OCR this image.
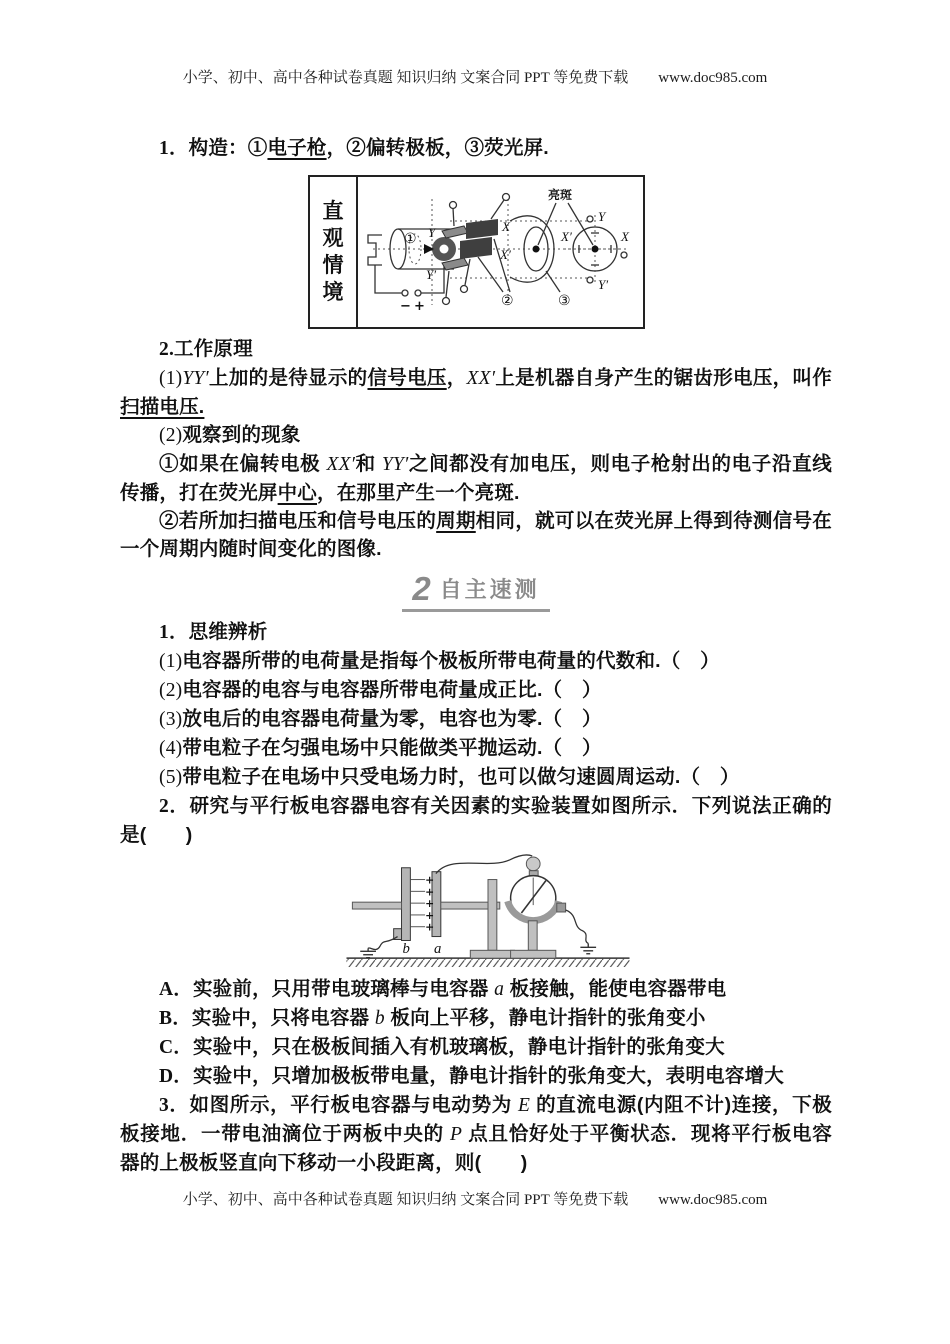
小学、初中、高中各种试卷真题 知识归纳 文案合同 PPT 等免费下载 www.doc985.com

1．构造：①电子枪，②偏转极板，③荧光屏.

直观情境
①
− +
Y
Y′
X
X′
②	③
Y
Y′
X
X′
亮斑

2.工作原理

(1)YY′上加的是待显示的信号电压，XX′上是机器自身产生的锯齿形电压，叫作扫描电压.

(2)观察到的现象

①如果在偏转电极 XX′和 YY′之间都没有加电压，则电子枪射出的电子沿直线传播，打在荧光屏中心，在那里产生一个亮斑.

②若所加扫描电压和信号电压的周期相同，就可以在荧光屏上得到待测信号在一个周期内随时间变化的图像.

2 自主速测

1．思维辨析

(1)电容器所带的电荷量是指每个极板所带电荷量的代数和.（　）

(2)电容器的电容与电容器所带电荷量成正比.（　）

(3)放电后的电容器电荷量为零，电容也为零.（　）

(4)带电粒子在匀强电场中只能做类平抛运动.（　）

(5)带电粒子在电场中只受电场力时，也可以做匀速圆周运动.（　）

2．研究与平行板电容器电容有关因素的实验装置如图所示．下列说法正确的是(　　)

b a
+
+
+
+
+

A．实验前，只用带电玻璃棒与电容器 a 板接触，能使电容器带电

B．实验中，只将电容器 b 板向上平移，静电计指针的张角变小

C．实验中，只在极板间插入有机玻璃板，静电计指针的张角变大

D．实验中，只增加极板带电量，静电计指针的张角变大，表明电容增大

3．如图所示，平行板电容器与电动势为 E 的直流电源(内阻不计)连接，下极板接地．一带电油滴位于两板中央的 P 点且恰好处于平衡状态．现将平行板电容器的上极板竖直向下移动一小段距离，则(　　)

小学、初中、高中各种试卷真题 知识归纳 文案合同 PPT 等免费下载 www.doc985.com
